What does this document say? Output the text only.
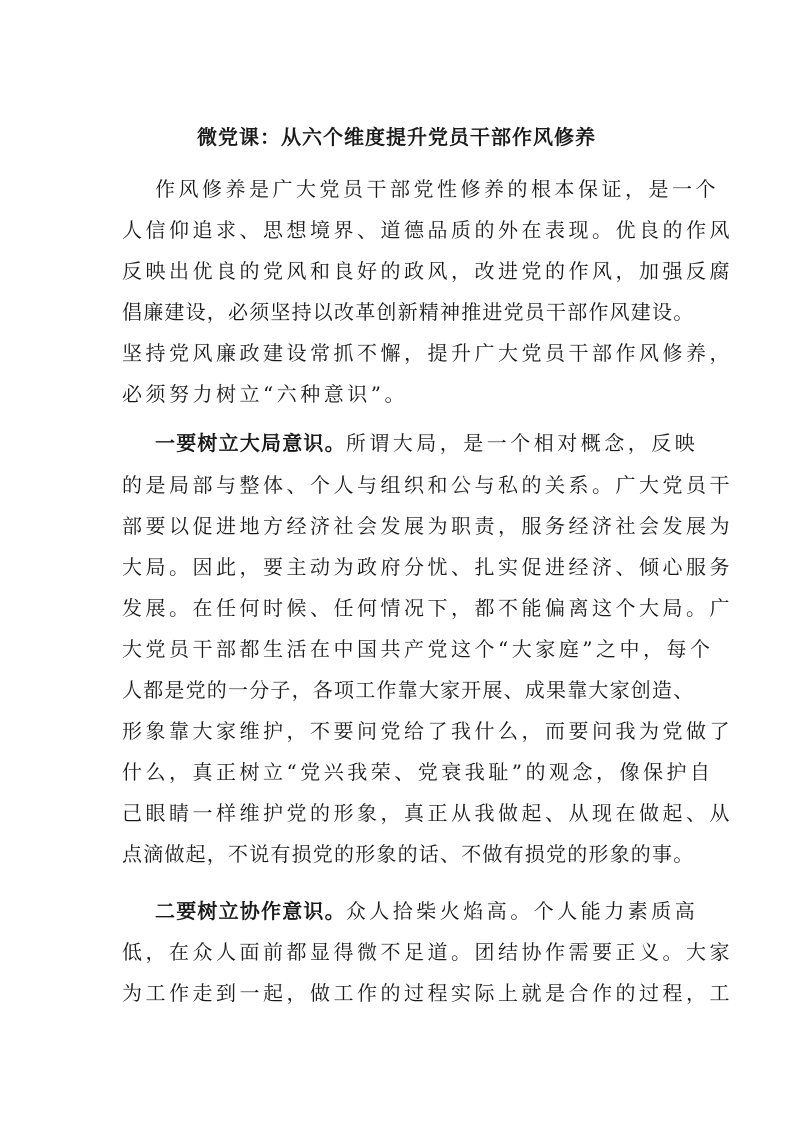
微党课：从六个维度提升党员干部作风修养
作风修养是广大党员干部党性修养的根本保证，是一个
人信仰追求、思想境界、道德品质的外在表现。优良的作风
反映出优良的党风和良好的政风，改进党的作风，加强反腐
倡廉建设，必须坚持以改革创新精神推进党员干部作风建设。
坚持党风廉政建设常抓不懈，提升广大党员干部作风修养，
必须努力树立“六种意识”。
一要树立大局意识。所谓大局，是一个相对概念，反映
的是局部与整体、个人与组织和公与私的关系。广大党员干
部要以促进地方经济社会发展为职责，服务经济社会发展为
大局。因此，要主动为政府分忧、扎实促进经济、倾心服务
发展。在任何时候、任何情况下，都不能偏离这个大局。广
大党员干部都生活在中国共产党这个“大家庭”之中，每个
人都是党的一分子，各项工作靠大家开展、成果靠大家创造、
形象靠大家维护，不要问党给了我什么，而要问我为党做了
什么，真正树立“党兴我荣、党衰我耻”的观念，像保护自
己眼睛一样维护党的形象，真正从我做起、从现在做起、从
点滴做起，不说有损党的形象的话、不做有损党的形象的事。
二要树立协作意识。众人拾柴火焰高。个人能力素质高
低，在众人面前都显得微不足道。团结协作需要正义。大家
为工作走到一起，做工作的过程实际上就是合作的过程，工
